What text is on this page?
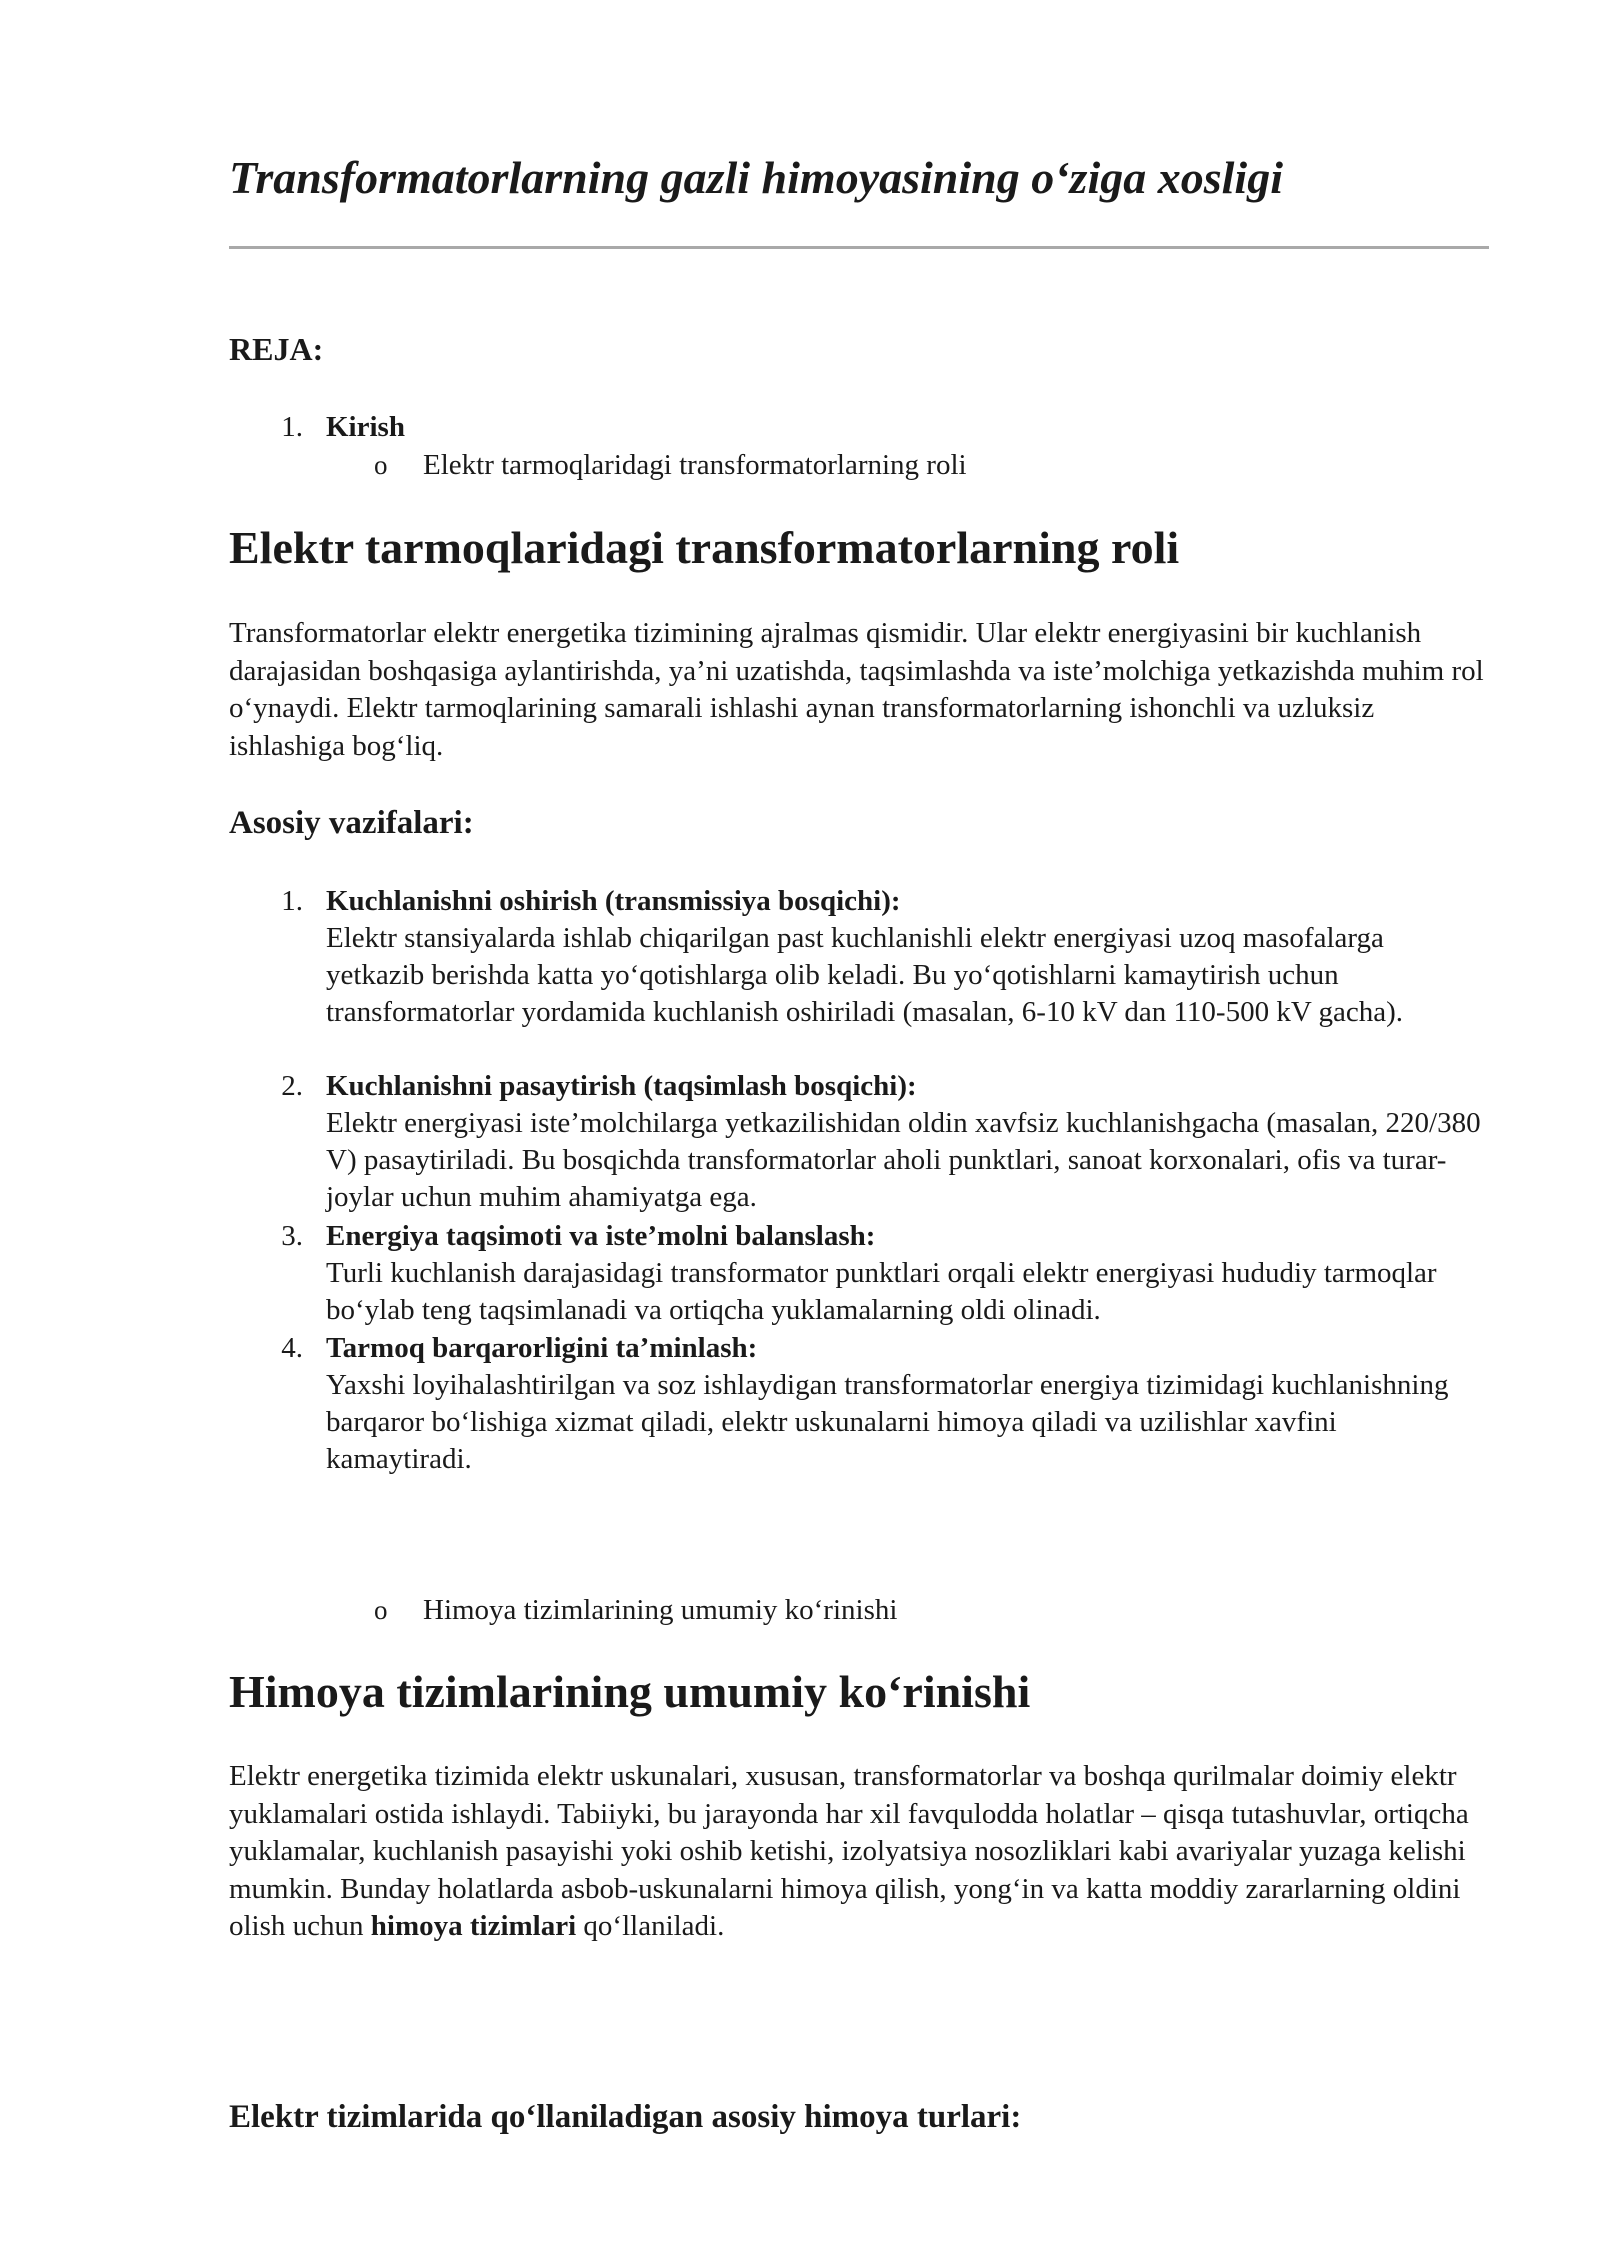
Transformatorlarning gazli himoyasining o‘ziga xosligi
REJA:
1. Kirish
o Elektr tarmoqlaridagi transformatorlarning roli
Elektr tarmoqlaridagi transformatorlarning roli

Transformatorlar elektr energetika tizimining ajralmas qismidir. Ular elektr energiyasini bir kuchlanish darajasidan boshqasiga aylantirishda, ya’ni uzatishda, taqsimlashda va iste’molchiga yetkazishda muhim rol o‘ynaydi. Elektr tarmoqlarining samarali ishlashi aynan transformatorlarning ishonchli va uzluksiz ishlashiga bog‘liq.

Asosiy vazifalari:
1. Kuchlanishni oshirish (transmissiya bosqichi):
Elektr stansiyalarda ishlab chiqarilgan past kuchlanishli elektr energiyasi uzoq masofalarga yetkazib berishda katta yo‘qotishlarga olib keladi. Bu yo‘qotishlarni kamaytirish uchun transformatorlar yordamida kuchlanish oshiriladi (masalan, 6-10 kV dan 110-500 kV gacha).
2. Kuchlanishni pasaytirish (taqsimlash bosqichi):
Elektr energiyasi iste’molchilarga yetkazilishidan oldin xavfsiz kuchlanishgacha (masalan, 220/380 V) pasaytiriladi. Bu bosqichda transformatorlar aholi punktlari, sanoat korxonalari, ofis va turar-joylar uchun muhim ahamiyatga ega.
3. Energiya taqsimoti va iste’molni balanslash:
Turli kuchlanish darajasidagi transformator punktlari orqali elektr energiyasi hududiy tarmoqlar bo‘ylab teng taqsimlanadi va ortiqcha yuklamalarning oldi olinadi.
4. Tarmoq barqarorligini ta’minlash:
Yaxshi loyihalashtirilgan va soz ishlaydigan transformatorlar energiya tizimidagi kuchlanishning barqaror bo‘lishiga xizmat qiladi, elektr uskunalarni himoya qiladi va uzilishlar xavfini kamaytiradi.
o Himoya tizimlarining umumiy ko‘rinishi
Himoya tizimlarining umumiy ko‘rinishi

Elektr energetika tizimida elektr uskunalari, xususan, transformatorlar va boshqa qurilmalar doimiy elektr yuklamalari ostida ishlaydi. Tabiiyki, bu jarayonda har xil favqulodda holatlar – qisqa tutashuvlar, ortiqcha yuklamalar, kuchlanish pasayishi yoki oshib ketishi, izolyatsiya nosozliklari kabi avariyalar yuzaga kelishi mumkin. Bunday holatlarda asbob-uskunalarni himoya qilish, yong‘in va katta moddiy zararlarning oldini olish uchun himoya tizimlari qo‘llaniladi.

Elektr tizimlarida qo‘llaniladigan asosiy himoya turlari:
